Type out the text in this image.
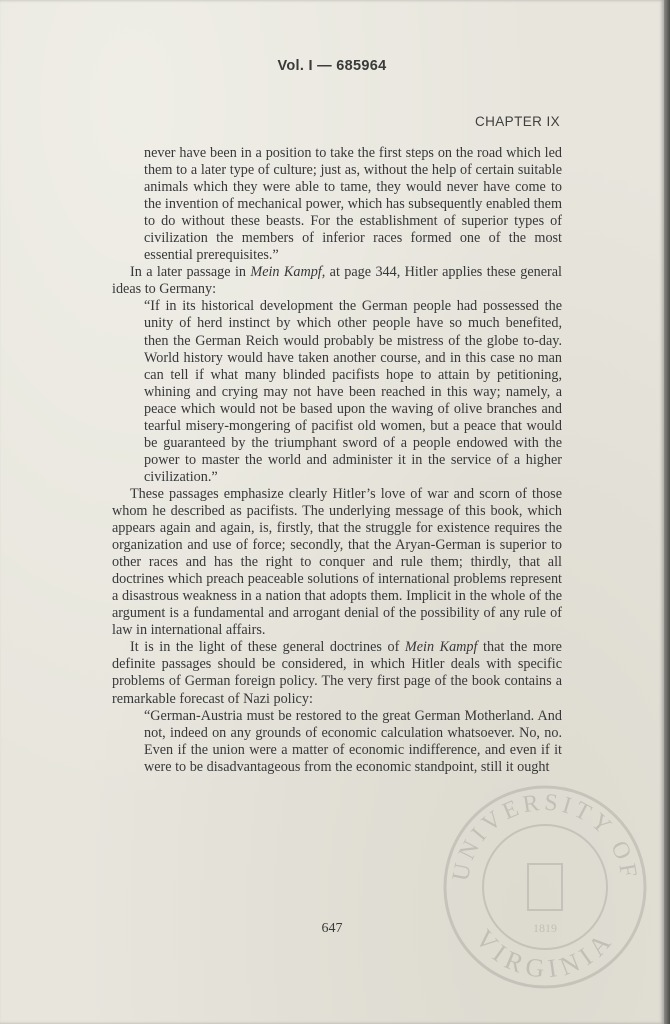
Vol. I — 685964
CHAPTER IX

never have been in a position to take the first steps on the road which led them to a later type of culture; just as, without the help of certain suitable animals which they were able to tame, they would never have come to the invention of mechanical power, which has subsequently enabled them to do without these beasts. For the establishment of superior types of civilization the members of inferior races formed one of the most essential prerequisites.”

In a later passage in Mein Kampf, at page 344, Hitler applies these general ideas to Germany:

“If in its historical development the German people had possessed the unity of herd instinct by which other people have so much benefited, then the German Reich would probably be mistress of the globe to-day. World history would have taken another course, and in this case no man can tell if what many blinded pacifists hope to attain by petitioning, whining and crying may not have been reached in this way; namely, a peace which would not be based upon the waving of olive branches and tearful misery-mongering of pacifist old women, but a peace that would be guaranteed by the triumphant sword of a people endowed with the power to master the world and administer it in the service of a higher civilization.”

These passages emphasize clearly Hitler’s love of war and scorn of those whom he described as pacifists. The underlying message of this book, which appears again and again, is, firstly, that the struggle for existence requires the organization and use of force; secondly, that the Aryan-German is superior to other races and has the right to conquer and rule them; thirdly, that all doctrines which preach peaceable solutions of international problems represent a disastrous weakness in a nation that adopts them. Implicit in the whole of the argument is a fundamental and arrogant denial of the possibility of any rule of law in international affairs.

It is in the light of these general doctrines of Mein Kampf that the more definite passages should be considered, in which Hitler deals with specific problems of German foreign policy. The very first page of the book contains a remarkable forecast of Nazi policy:

“German-Austria must be restored to the great German Motherland. And not, indeed on any grounds of economic calculation whatsoever. No, no. Even if the union were a matter of economic indifference, and even if it were to be disadvantageous from the economic standpoint, still it ought

647
UNIVERSITY OF
VIRGINIA
1819
